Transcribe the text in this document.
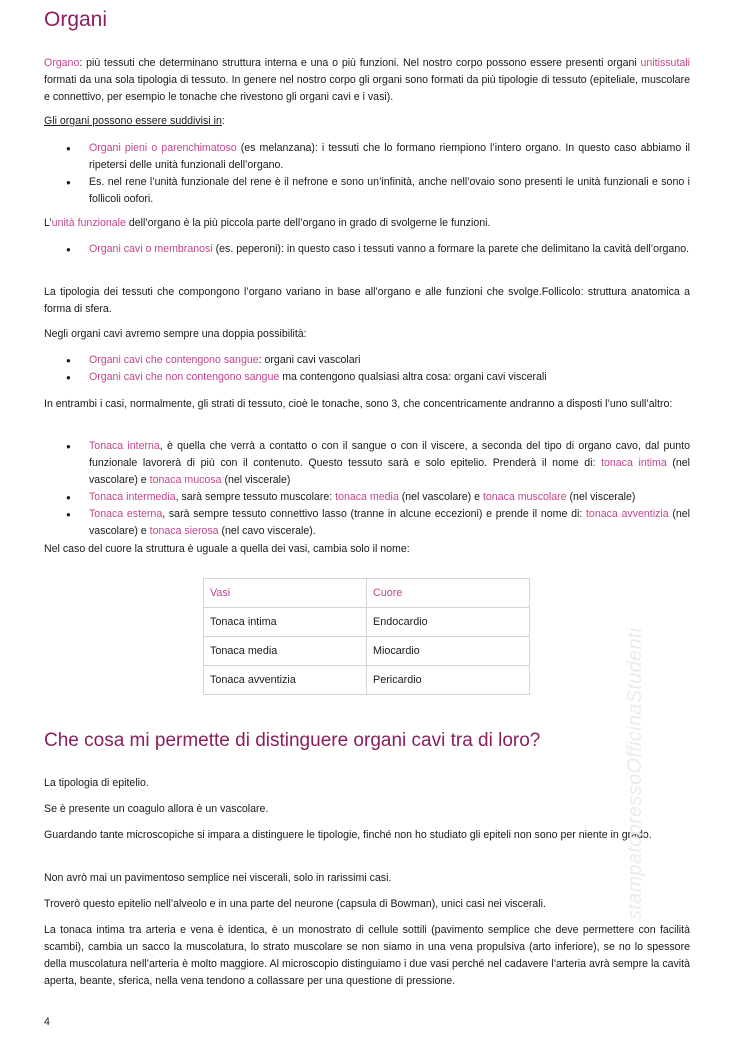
Organi

Organo: più tessuti che determinano struttura interna e una o più funzioni. Nel nostro corpo possono essere presenti organi unitissutali formati da una sola tipologia di tessuto. In genere nel nostro corpo gli organi sono formati da più tipologie di tessuto (epiteliale, muscolare e connettivo, per esempio le tonache che rivestono gli organi cavi e i vasi).

Gli organi possono essere suddivisi in:

● Organi pieni o parenchimatoso (es melanzana): i tessuti che lo formano riempiono l’intero organo. In questo caso abbiamo il ripetersi delle unità funzionali dell’organo.
● Es. nel rene l’unità funzionale del rene è il nefrone e sono un’infinità, anche nell’ovaio sono presenti le unità funzionali e sono i follicoli oofori.

L’unità funzionale dell’organo è la più piccola parte dell’organo in grado di svolgerne le funzioni.

● Organi cavi o membranosi (es. peperoni): in questo caso i tessuti vanno a formare la parete che delimitano la cavità dell’organo.

La tipologia dei tessuti che compongono l’organo variano in base all’organo e alle funzioni che svolge.Follicolo: struttura anatomica a forma di sfera.

Negli organi cavi avremo sempre una doppia possibilità:

● Organi cavi che contengono sangue: organi cavi vascolari
● Organi cavi che non contengono sangue ma contengono qualsiasi altra cosa: organi cavi viscerali

In entrambi i casi, normalmente, gli strati di tessuto, cioè le tonache, sono 3, che concentricamente andranno a disposti l’uno sull’altro:

● Tonaca interna, è quella che verrà a contatto o con il sangue o con il viscere, a seconda del tipo di organo cavo, dal punto funzionale lavorerà di più con il contenuto. Questo tessuto sarà e solo epitelio. Prenderà il nome di: tonaca intima (nel vascolare) e tonaca mucosa (nel viscerale)
● Tonaca intermedia, sarà sempre tessuto muscolare: tonaca media (nel vascolare) e tonaca muscolare (nel viscerale)
● Tonaca esterna, sarà sempre tessuto connettivo lasso (tranne in alcune eccezioni) e prende il nome di: tonaca avventizia (nel vascolare) e tonaca sierosa (nel cavo viscerale).

Nel caso del cuore la struttura è uguale a quella dei vasi, cambia solo il nome:

Vasi	Cuore
Tonaca intima	Endocardio
Tonaca media	Miocardio
Tonaca avventizia	Pericardio
Che cosa mi permette di distinguere organi cavi tra di loro?

La tipologia di epitelio.

Se è presente un coagulo allora è un vascolare.

Guardando tante microscopiche si impara a distinguere le tipologie, finché non ho studiato gli epiteli non sono per niente in grado.

Non avrò mai un pavimentoso semplice nei viscerali, solo in rarissimi casi.

Troverò questo epitelio nell’alveolo e in una parte del neurone (capsula di Bowman), unici casi nei viscerali.

La tonaca intima tra arteria e vena è identica, è un monostrato di cellule sottili (pavimento semplice che deve permettere con facilità scambi), cambia un sacco la muscolatura, lo strato muscolare se non siamo in una vena propulsiva (arto inferiore), se no lo spessore della muscolatura nell’arteria è molto maggiore. Al microscopio distinguiamo i due vasi perché nel cadavere l’arteria avrà sempre la cavità aperta, beante, sferica, nella vena tendono a collassare per una questione di pressione.

stampatopressoOfficinaStudenti
4
